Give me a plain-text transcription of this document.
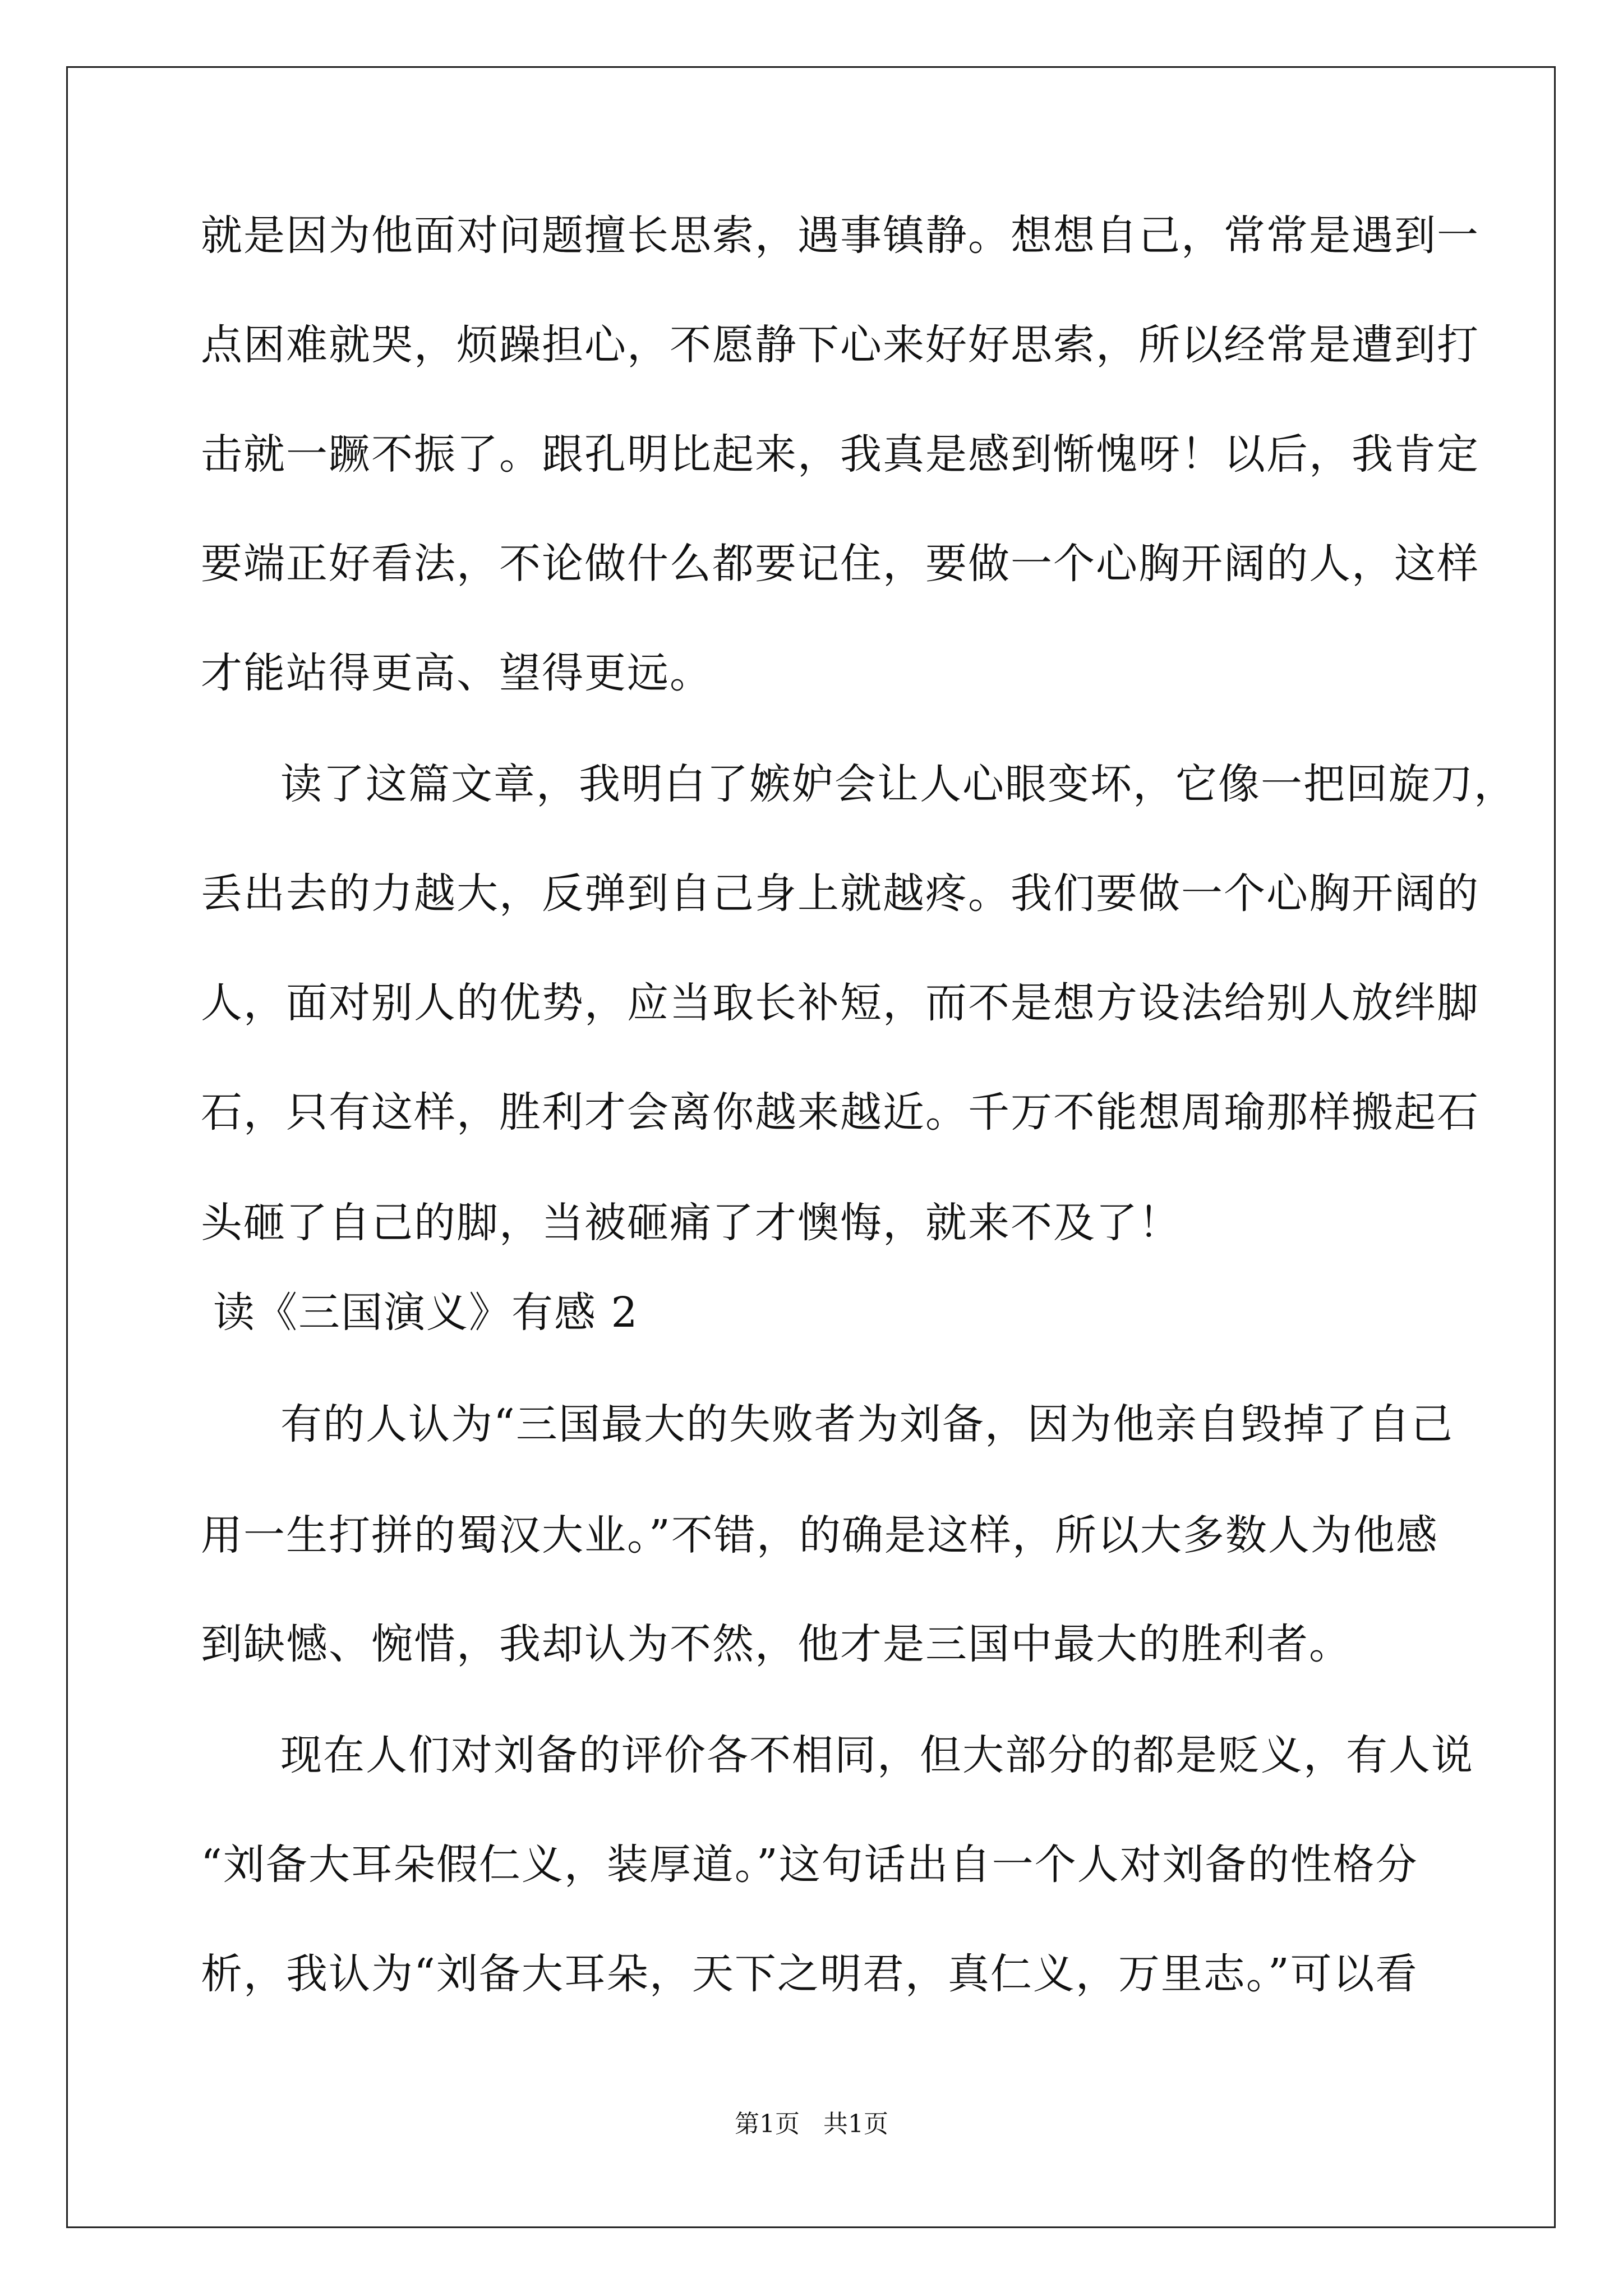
就是因为他面对问题擅长思索，遇事镇静。想想自己，常常是遇到一
点困难就哭，烦躁担心，不愿静下心来好好思索，所以经常是遭到打
击就一蹶不振了。跟孔明比起来，我真是感到惭愧呀！以后，我肯定
要端正好看法，不论做什么都要记住，要做一个心胸开阔的人，这样
才能站得更高、望得更远。
读了这篇文章，我明白了嫉妒会让人心眼变坏，它像一把回旋刀，
丢出去的力越大，反弹到自己身上就越疼。我们要做一个心胸开阔的
人，面对别人的优势，应当取长补短，而不是想方设法给别人放绊脚
石，只有这样，胜利才会离你越来越近。千万不能想周瑜那样搬起石
头砸了自己的脚，当被砸痛了才懊悔，就来不及了！
读《三国演义》有感 2
有的人认为“三国最大的失败者为刘备，因为他亲自毁掉了自己
用一生打拼的蜀汉大业。”不错，的确是这样，所以大多数人为他感
到缺憾、惋惜，我却认为不然，他才是三国中最大的胜利者。
现在人们对刘备的评价各不相同，但大部分的都是贬义，有人说
“刘备大耳朵假仁义，装厚道。”这句话出自一个人对刘备的性格分
析，我认为“刘备大耳朵，天下之明君，真仁义，万里志。”可以看
第1页   共1页
